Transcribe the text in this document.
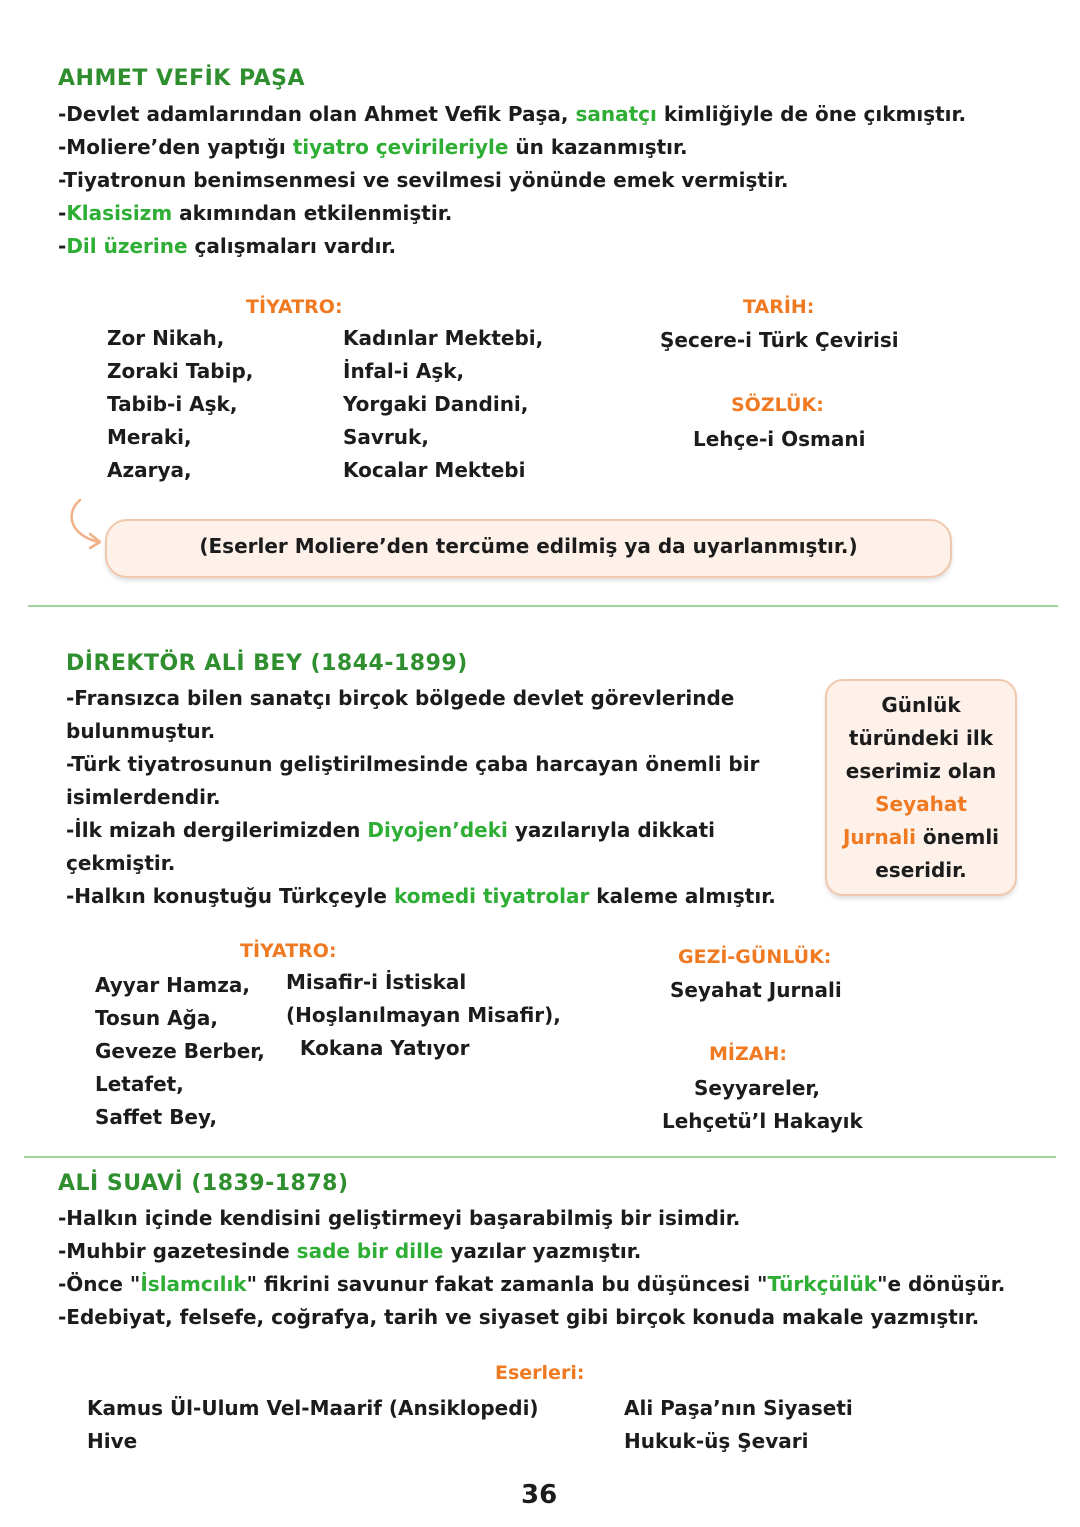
AHMET VEFİK PAŞA
-Devlet adamlarından olan Ahmet Vefik Paşa, sanatçı kimliğiyle de öne çıkmıştır.
-Moliere’den yaptığı tiyatro çevirileriyle ün kazanmıştır.
-Tiyatronun benimsenmesi ve sevilmesi yönünde emek vermiştir.
-Klasisizm akımından etkilenmiştir.
-Dil üzerine çalışmaları vardır.
TİYATRO:
Zor Nikah,
Zoraki Tabip,
Tabib-i Aşk,
Meraki,
Azarya,
Kadınlar Mektebi,
İnfal-i Aşk,
Yorgaki Dandini,
Savruk,
Kocalar Mektebi
TARİH:
Şecere-i Türk Çevirisi
SÖZLÜK:
Lehçe-i Osmani
(Eserler Moliere’den tercüme edilmiş ya da uyarlanmıştır.)
DİREKTÖR ALİ BEY (1844-1899)
-Fransızca bilen sanatçı birçok bölgede devlet görevlerinde
bulunmuştur.
-Türk tiyatrosunun geliştirilmesinde çaba harcayan önemli bir
isimlerdendir.
-İlk mizah dergilerimizden Diyojen’deki yazılarıyla dikkati
çekmiştir.
-Halkın konuştuğu Türkçeyle komedi tiyatrolar kaleme almıştır.
Günlük
türündeki ilk
eserimiz olan
Seyahat
Jurnali önemli
eseridir.
TİYATRO:
Ayyar Hamza,
Tosun Ağa,
Geveze Berber,
Letafet,
Saffet Bey,
Misafir-i İstiskal
(Hoşlanılmayan Misafir),
Kokana Yatıyor
GEZİ-GÜNLÜK:
Seyahat Jurnali
MİZAH:
Seyyareler,
Lehçetü’l Hakayık
ALİ SUAVİ (1839-1878)
-Halkın içinde kendisini geliştirmeyi başarabilmiş bir isimdir.
-Muhbir gazetesinde sade bir dille yazılar yazmıştır.
-Önce "İslamcılık" fikrini savunur fakat zamanla bu düşüncesi "Türkçülük"e dönüşür.
-Edebiyat, felsefe, coğrafya, tarih ve siyaset gibi birçok konuda makale yazmıştır.
Eserleri:
Kamus Ül-Ulum Vel-Maarif (Ansiklopedi)
Hive
Ali Paşa’nın Siyaseti
Hukuk-üş Şevari
36
